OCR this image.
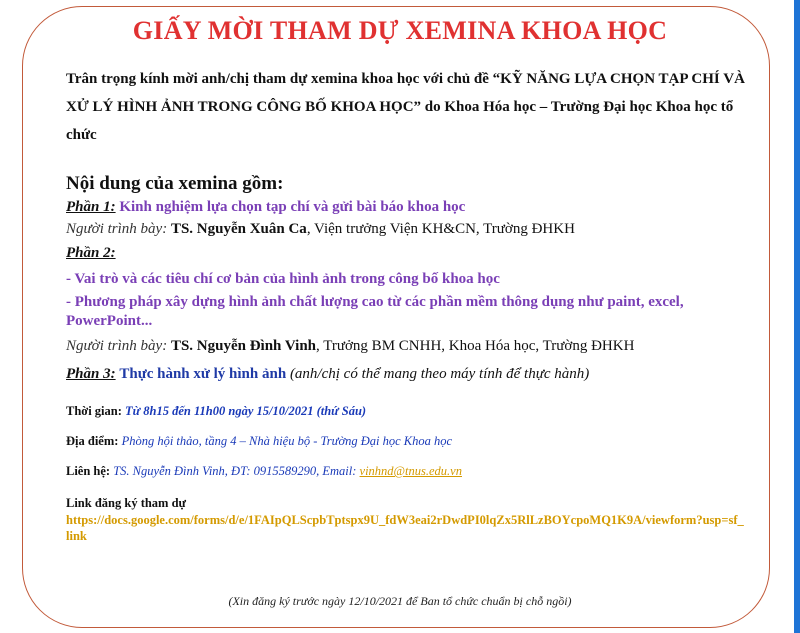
GIẤY MỜI THAM DỰ XEMINA KHOA HỌC
Trân trọng kính mời anh/chị tham dự xemina khoa học với chủ đề “KỸ NĂNG LỰA CHỌN TẠP CHÍ VÀ XỬ LÝ HÌNH ẢNH TRONG CÔNG BỐ KHOA HỌC” do Khoa Hóa học – Trường Đại học Khoa học tổ chức

Nội dung của xemina gồm:

Phần 1: Kinh nghiệm lựa chọn tạp chí và gửi bài báo khoa học

Người trình bày: TS. Nguyễn Xuân Ca, Viện trưởng Viện KH&CN, Trường ĐHKH

Phần 2:

- Vai trò và các tiêu chí cơ bản của hình ảnh trong công bố khoa học

- Phương pháp xây dựng hình ảnh chất lượng cao từ các phần mềm thông dụng như paint, excel, PowerPoint...

Người trình bày: TS. Nguyễn Đình Vinh, Trưởng BM CNHH, Khoa Hóa học, Trường ĐHKH

Phần 3: Thực hành xử lý hình ảnh (anh/chị có thể mang theo máy tính để thực hành)

Thời gian: Từ 8h15 đến 11h00 ngày 15/10/2021 (thứ Sáu)

Địa điểm: Phòng hội thảo, tầng 4 – Nhà hiệu bộ - Trường Đại học Khoa học

Liên hệ: TS. Nguyễn Đình Vinh, ĐT: 0915589290, Email: vinhnd@tnus.edu.vn

Link đăng ký tham dự

https://docs.google.com/forms/d/e/1FAIpQLScpbTptspx9U_fdW3eai2rDwdPI0lqZx5RlLzBOYcpoMQ1K9A/viewform?usp=sf_link

(Xin đăng ký trước ngày 12/10/2021 để Ban tổ chức chuẩn bị chỗ ngồi)
